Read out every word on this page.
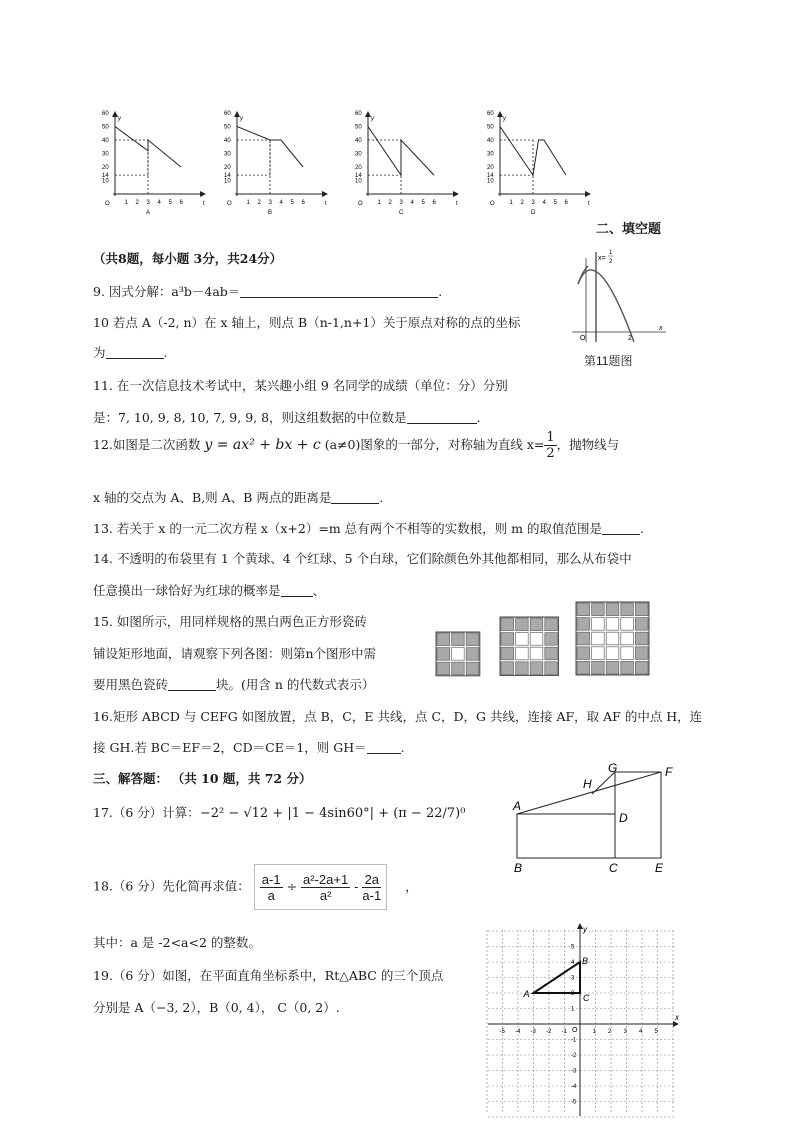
y
t
O
60
50
40
30
20
14
10
1 2 3 4 5 6
A
y
t
O
60
50
40
30
20
14
10
1 2 3 4 5 6
B
y
t
O
60
50
40
30
20
14
10
1 2 3 4 5 6
C
y
t
O
60
50
40
30
20
14
10
1 2 3 4 5 6
D
二、填空题
（共8题，每小题 3分，共24分）	x=
1
2
O	2
x
第11题图
9. 因式分解：a³b－4ab＝	.
10 若点 A（-2, n）在 x 轴上，则点 B（n-1,n+1）关于原点对称的点的坐标
为	.
11. 在一次信息技术考试中，某兴趣小组 9 名同学的成绩（单位：分）分别
是：7, 10, 9, 8, 10, 7, 9, 9, 8，则这组数据的中位数是	.
12.如图是二次函数 y = ax² + bx + c (a≠0)图象的一部分，对称轴为直线 $x= \frac{1}{2}$ ，抛物线与
x 轴的交点为 A、B,则 A、B 两点的距离是	.
13. 若关于 x 的一元二次方程 x（x+2）=m 总有两个不相等的实数根，则 m 的取值范围是	.
14. 不透明的布袋里有 1 个黄球、4 个红球、5 个白球，它们除颜色外其他都相同，那么从布袋中
任意摸出一球恰好为红球的概率是	、
15. 如图所示，用同样规格的黑白两色正方形瓷砖
铺设矩形地面，请观察下列各图：则第n个图形中需
要用黑色瓷砖	块。(用含 n 的代数式表示）
16.矩形 ABCD 与 CEFG 如图放置，点 B，C，E 共线，点 C，D，G 共线，连接 AF，取 AF 的中点 H，连
接 GH.若 BC＝EF＝2，CD＝CE＝1，则 GH＝	.
三、解答题： （共 10 题，共 72 分）
A
B	C
D
E
F
G
H
17.（6 分）计算：−2² − √12 + |1 − 4sin60°| + (π − 22/7)⁰
18.（6 分）先化简再求值： $\frac{a-1}{a} \div \frac{\text{a²-2a+1}}{\text{a²}} - \frac{2a}{a-1}$ ，
其中：a 是 -2<a<2 的整数。
19.（6 分）如图，在平面直角坐标系中，Rt△ABC 的三个顶点
分别是 A（−3, 2），B（0, 4）， C（0, 2）.
x
y
O
-5 -4 -3 -2 -1	1 2 3 4 5
5
4
3
2
1
-1
-2
-3
-4
-5
A
B
C
